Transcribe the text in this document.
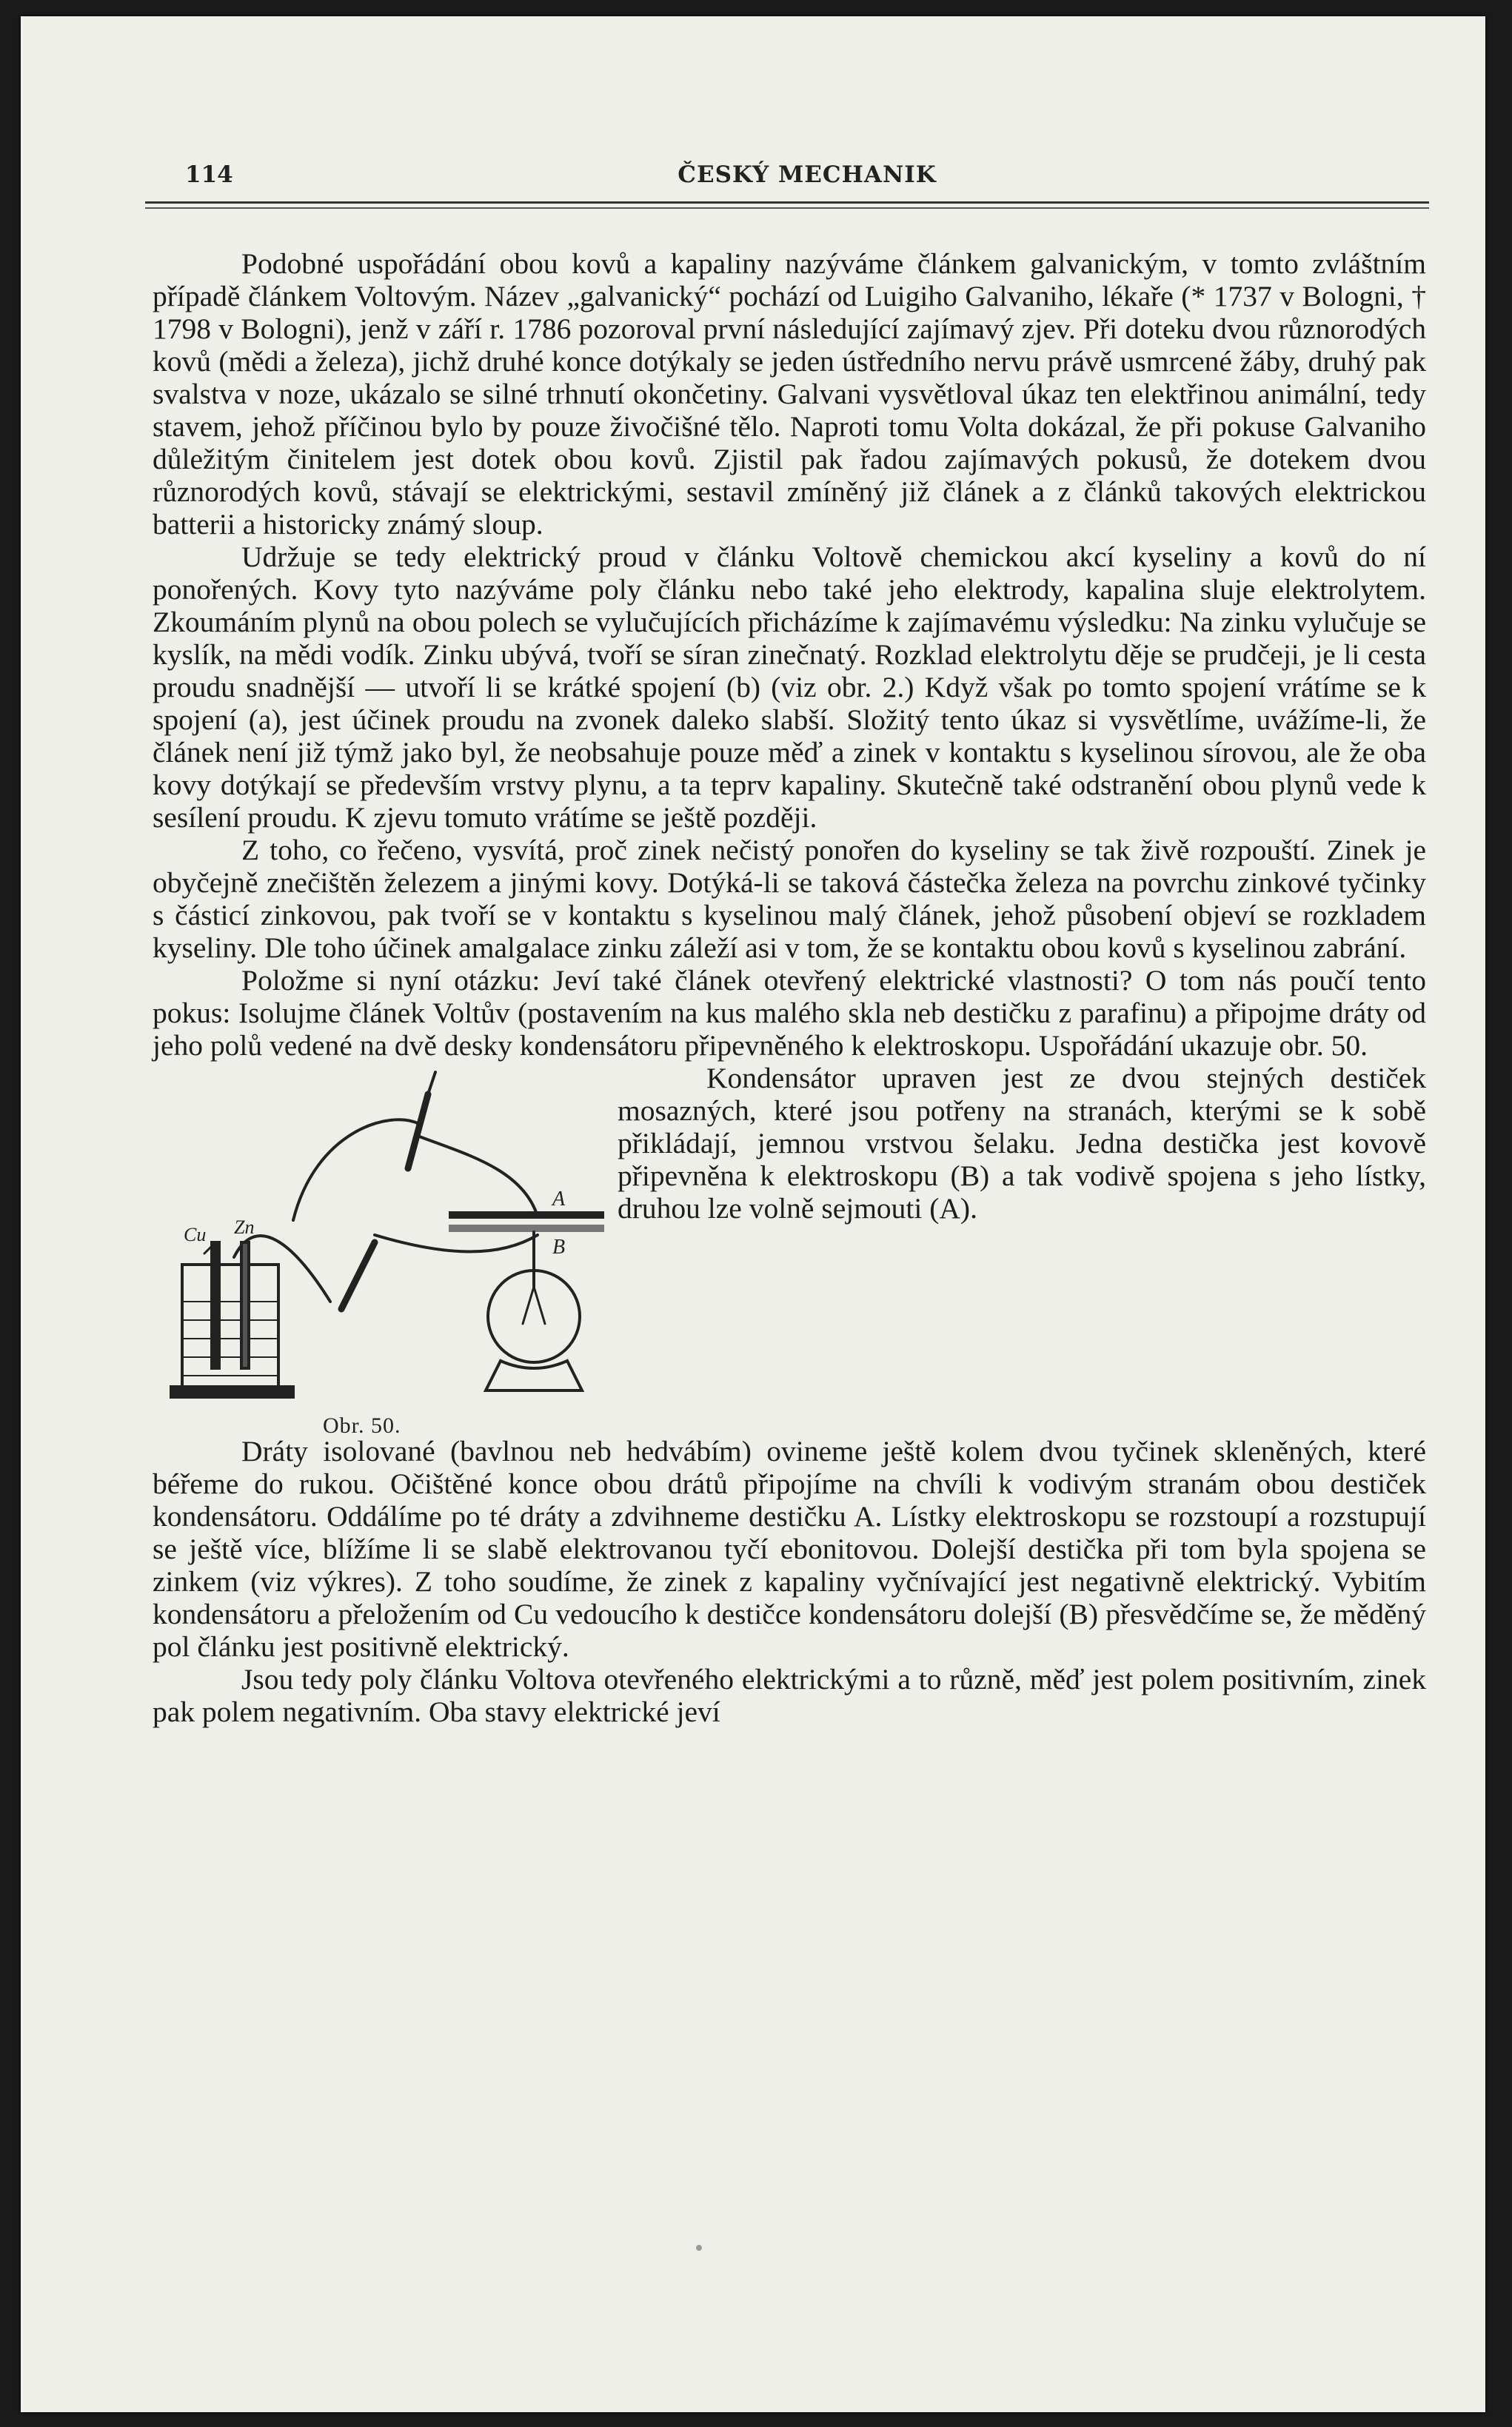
114	ČESKÝ MECHANIK

Podobné uspořádání obou kovů a kapaliny nazýváme článkem galvanickým, v tomto zvláštním případě článkem Voltovým. Název „galvanický“ pochází od Luigiho Galvaniho, lékaře (* 1737 v Bologni, † 1798 v Bologni), jenž v září r. 1786 pozoroval první následující zajímavý zjev. Při doteku dvou různorodých kovů (mědi a železa), jichž druhé konce dotýkaly se jeden ústředního nervu právě usmrcené žáby, druhý pak svalstva v noze, ukázalo se silné trhnutí okončetiny. Galvani vysvětloval úkaz ten elektřinou animální, tedy stavem, jehož příčinou bylo by pouze živočišné tělo. Naproti tomu Volta dokázal, že při pokuse Galvaniho důležitým činitelem jest dotek obou kovů. Zjistil pak řadou zajímavých pokusů, že dotekem dvou různorodých kovů, stávají se elektrickými, sestavil zmíněný již článek a z článků takových elektrickou batterii a historicky známý sloup.

Udržuje se tedy elektrický proud v článku Voltově chemickou akcí kyseliny a kovů do ní ponořených. Kovy tyto nazýváme poly článku nebo také jeho elektrody, kapalina sluje elektrolytem. Zkoumáním plynů na obou polech se vylučujících přicházíme k zajímavému výsledku: Na zinku vylučuje se kyslík, na mědi vodík. Zinku ubývá, tvoří se síran zinečnatý. Rozklad elektrolytu děje se prudčeji, je li cesta proudu snadnější — utvoří li se krátké spojení (b) (viz obr. 2.) Když však po tomto spojení vrátíme se k spojení (a), jest účinek proudu na zvonek daleko slabší. Složitý tento úkaz si vysvětlíme, uvážíme-li, že článek není již týmž jako byl, že neobsahuje pouze měď a zinek v kontaktu s kyselinou sírovou, ale že oba kovy dotýkají se především vrstvy plynu, a ta teprv kapaliny. Skutečně také odstranění obou plynů vede k sesílení proudu. K zjevu tomuto vrátíme se ještě později.

Z toho, co řečeno, vysvítá, proč zinek nečistý ponořen do kyseliny se tak živě rozpouští. Zinek je obyčejně znečištěn železem a jinými kovy. Dotýká-li se taková částečka železa na povrchu zinkové tyčinky s částicí zinkovou, pak tvoří se v kontaktu s kyselinou malý článek, jehož působení objeví se rozkladem kyseliny. Dle toho účinek amalgalace zinku záleží asi v tom, že se kontaktu obou kovů s kyselinou zabrání.

Položme si nyní otázku: Jeví také článek otevřený elektrické vlastnosti? O tom nás poučí tento pokus: Isolujme článek Voltův (postavením na kus malého skla neb destičku z parafinu) a připojme dráty od jeho polů vedené na dvě desky kondensátoru připevněného k elektroskopu. Uspořádání ukazuje obr. 50.

Cu Zn
A
B
Obr. 50.

Kondensátor upraven jest ze dvou stejných destiček mosazných, které jsou potřeny na stranách, kterými se k sobě přikládají, jemnou vrstvou šelaku. Jedna destička jest kovově připevněna k elektroskopu (B) a tak vodivě spojena s jeho lístky, druhou lze volně sejmouti (A).

Dráty isolované (bavlnou neb hedvábím) ovineme ještě kolem dvou tyčinek skleněných, které béřeme do rukou. Očištěné konce obou drátů připojíme na chvíli k vodivým stranám obou destiček kondensátoru. Oddálíme po té dráty a zdvihneme destičku A. Lístky elektroskopu se rozstoupí a rozstupují se ještě více, blížíme li se slabě elektrovanou tyčí ebonitovou. Dolejší destička při tom byla spojena se zinkem (viz výkres). Z toho soudíme, že zinek z kapaliny vyčnívající jest negativně elektrický. Vybitím kondensátoru a přeložením od Cu vedoucího k destičce kondensátoru dolejší (B) přesvědčíme se, že měděný pol článku jest positivně elektrický.

Jsou tedy poly článku Voltova otevřeného elektrickými a to různě, měď jest polem positivním, zinek pak polem negativním. Oba stavy elektrické jeví
